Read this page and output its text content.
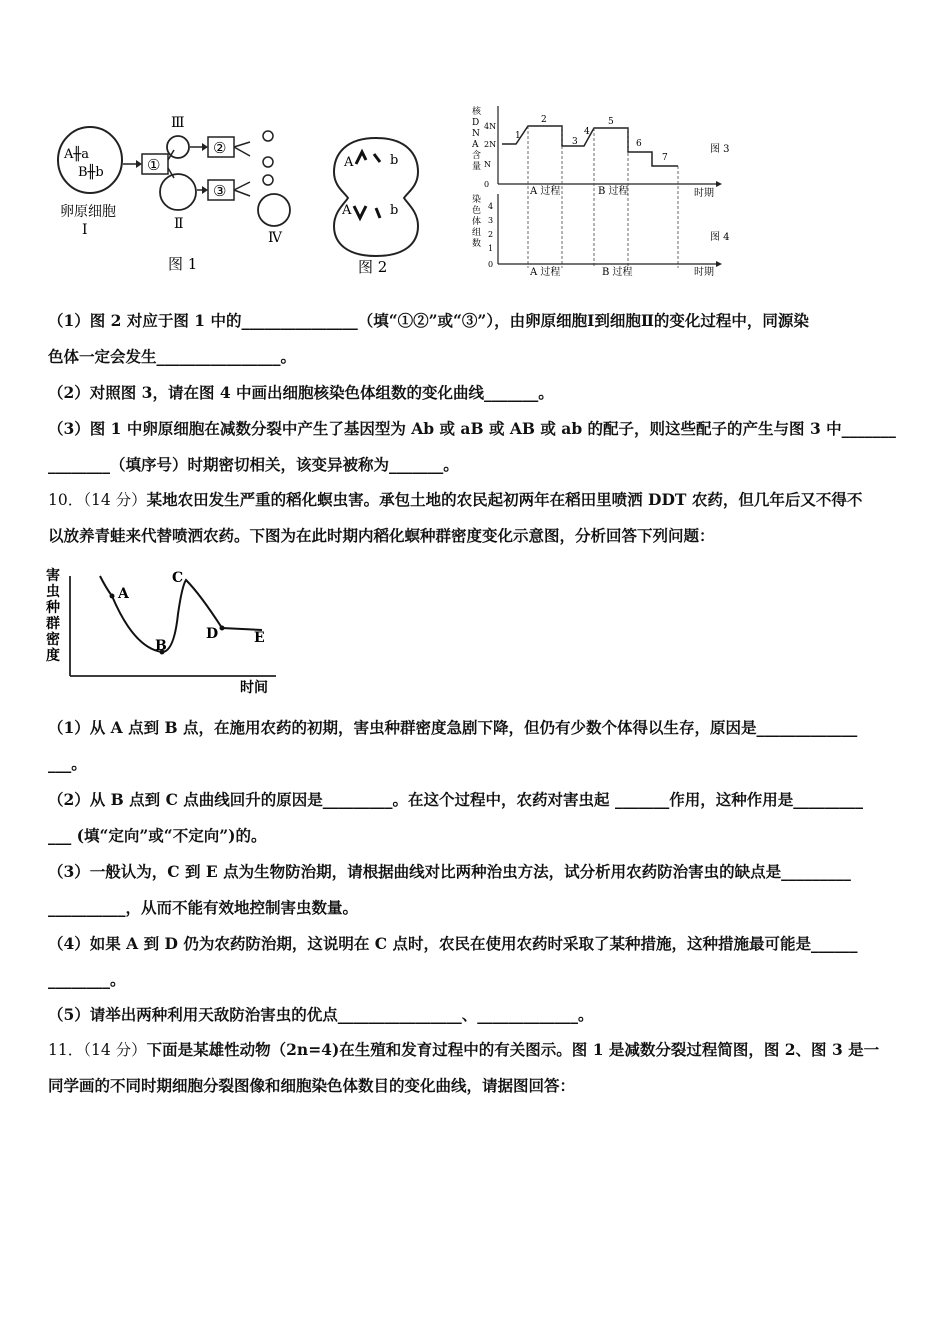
A╫a
B╫b	①
Ⅲ
Ⅱ
②
③
Ⅳ
卵原细胞
Ⅰ
图 1
A	b
A	b
图 2
核
D
N
A
含
量
4N
2N
N
0
1
2
3
4
5
6
7
A 过程	B 过程	时期
图 3
染
色
体
组
数
4
3
2
1
0
A 过程	B 过程	时期
图 4
（1）图 2 对应于图 1 中的_______________（填“①②”或“③”），由卵原细胞Ⅰ到细胞Ⅱ的变化过程中，同源染
色体一定会发生________________。
（2）对照图 3，请在图 4 中画出细胞核染色体组数的变化曲线_______。
（3）图 1 中卵原细胞在减数分裂中产生了基因型为 Ab 或 aB 或 AB 或 ab 的配子，则这些配子的产生与图 3 中_______
________（填序号）时期密切相关，该变异被称为_______。
10．（14 分）某地农田发生严重的稻化螟虫害。承包土地的农民起初两年在稻田里喷洒 DDT 农药，但几年后又不得不
以放养青蛙来代替喷洒农药。下图为在此时期内稻化螟种群密度变化示意图，分析回答下列问题：
害
虫
种
群
密
度
A
B
C
D	E
时间
（1）从 A 点到 B 点，在施用农药的初期，害虫种群密度急剧下降，但仍有少数个体得以生存，原因是_____________
___。
（2）从 B 点到 C 点曲线回升的原因是_________。在这个过程中，农药对害虫起 _______作用，这种作用是_________
___ (填“定向”或“不定向”)的。
（3）一般认为，C 到 E 点为生物防治期，请根据曲线对比两种治虫方法，试分析用农药防治害虫的缺点是_________
__________，从而不能有效地控制害虫数量。
（4）如果 A 到 D 仍为农药防治期，这说明在 C 点时，农民在使用农药时采取了某种措施，这种措施最可能是______
________。
（5）请举出两种利用天敌防治害虫的优点________________、_____________。
11．（14 分）下面是某雄性动物（2n=4)在生殖和发育过程中的有关图示。图 1 是减数分裂过程简图，图 2、图 3 是一
同学画的不同时期细胞分裂图像和细胞染色体数目的变化曲线，请据图回答：
